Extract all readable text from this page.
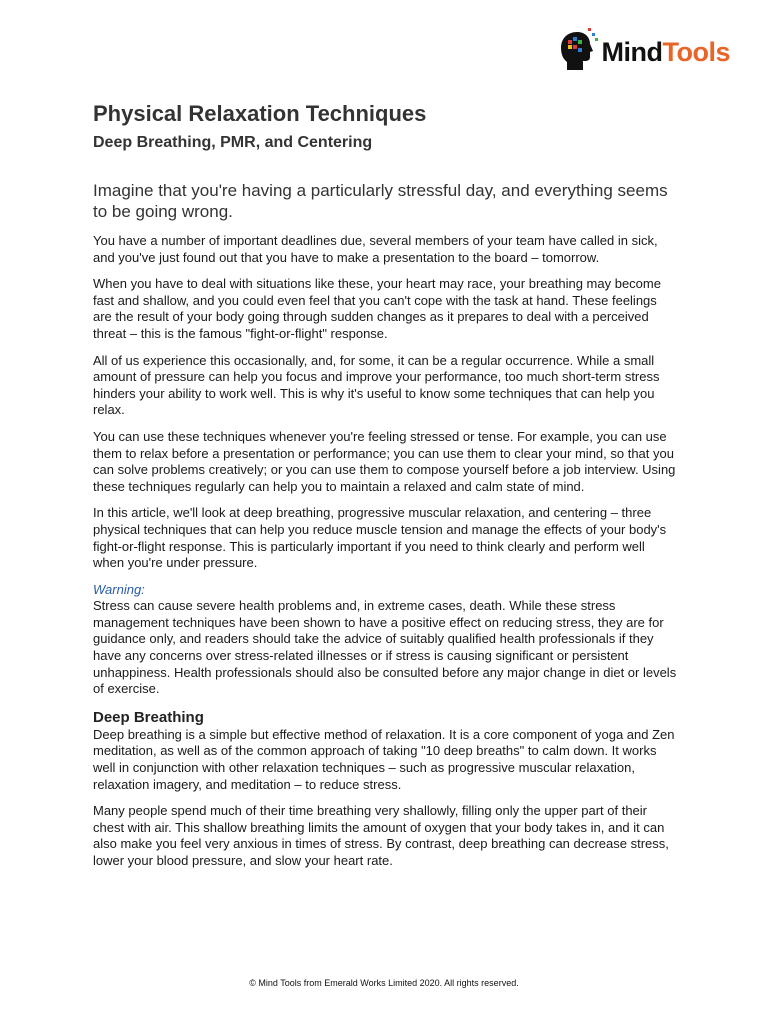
MindTools
Physical Relaxation Techniques
Deep Breathing, PMR, and Centering

Imagine that you're having a particularly stressful day, and everything seems to be going wrong.

You have a number of important deadlines due, several members of your team have called in sick, and you've just found out that you have to make a presentation to the board – tomorrow.

When you have to deal with situations like these, your heart may race, your breathing may become fast and shallow, and you could even feel that you can't cope with the task at hand. These feelings are the result of your body going through sudden changes as it prepares to deal with a perceived threat – this is the famous "fight-or-flight" response.

All of us experience this occasionally, and, for some, it can be a regular occurrence. While a small amount of pressure can help you focus and improve your performance, too much short-term stress hinders your ability to work well. This is why it's useful to know some techniques that can help you relax.

You can use these techniques whenever you're feeling stressed or tense. For example, you can use them to relax before a presentation or performance; you can use them to clear your mind, so that you can solve problems creatively; or you can use them to compose yourself before a job interview. Using these techniques regularly can help you to maintain a relaxed and calm state of mind.

In this article, we'll look at deep breathing, progressive muscular relaxation, and centering – three physical techniques that can help you reduce muscle tension and manage the effects of your body's fight-or-flight response. This is particularly important if you need to think clearly and perform well when you're under pressure.

Warning:

Stress can cause severe health problems and, in extreme cases, death. While these stress management techniques have been shown to have a positive effect on reducing stress, they are for guidance only, and readers should take the advice of suitably qualified health professionals if they have any concerns over stress-related illnesses or if stress is causing significant or persistent unhappiness. Health professionals should also be consulted before any major change in diet or levels of exercise.

Deep Breathing

Deep breathing is a simple but effective method of relaxation. It is a core component of yoga and Zen meditation, as well as of the common approach of taking "10 deep breaths" to calm down. It works well in conjunction with other relaxation techniques – such as progressive muscular relaxation, relaxation imagery, and meditation – to reduce stress.

Many people spend much of their time breathing very shallowly, filling only the upper part of their chest with air. This shallow breathing limits the amount of oxygen that your body takes in, and it can also make you feel very anxious in times of stress. By contrast, deep breathing can decrease stress, lower your blood pressure, and slow your heart rate.

© Mind Tools from Emerald Works Limited 2020. All rights reserved.
